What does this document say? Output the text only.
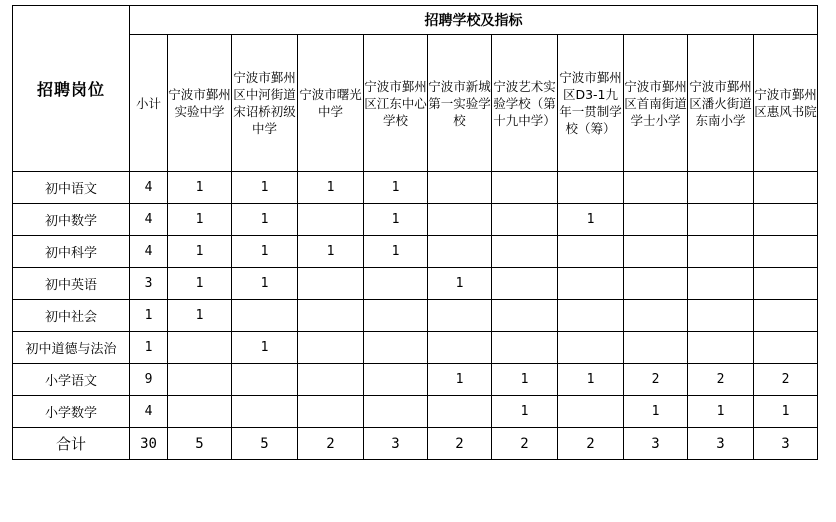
招聘岗位	招聘学校及指标										
	小计	宁波市鄞州实验中学	宁波市鄞州区中河街道宋诏桥初级中学	宁波市曙光中学	宁波市鄞州区江东中心学校	宁波市新城第一实验学校	宁波艺术实验学校（第十九中学）	宁波市鄞州区D3-1九年一贯制学校（筹）	宁波市鄞州区首南街道学士小学	宁波市鄞州区潘火街道东南小学	宁波市鄞州区惠风书院
初中语文	4	1	1	1	1						
初中数学	4	1	1		1			1			
初中科学	4	1	1	1	1						
初中英语	3	1	1			1					
初中社会	1	1									
初中道德与法治	1		1								
小学语文	9					1	1	1	2	2	2
小学数学	4						1		1	1	1
合计	30	5	5	2	3	2	2	2	3	3	3
